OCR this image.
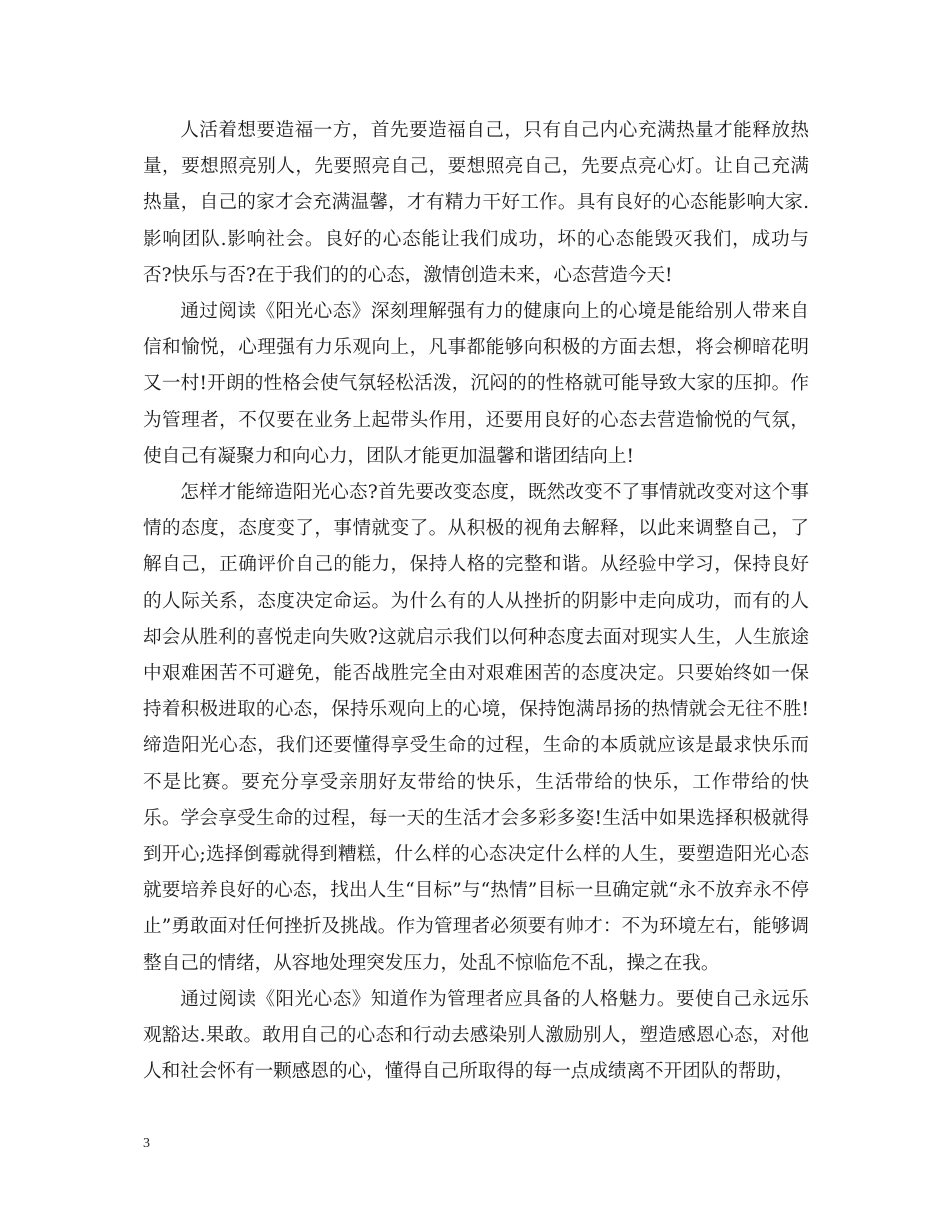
人活着想要造福一方，首先要造福自己，只有自己内心充满热量才能释放热量，要想照亮别人，先要照亮自己，要想照亮自己，先要点亮心灯。让自己充满热量，自己的家才会充满温馨，才有精力干好工作。具有良好的心态能影响大家.影响团队.影响社会。良好的心态能让我们成功，坏的心态能毁灭我们，成功与否?快乐与否?在于我们的的心态，激情创造未来，心态营造今天!

通过阅读《阳光心态》深刻理解强有力的健康向上的心境是能给别人带来自信和愉悦，心理强有力乐观向上，凡事都能够向积极的方面去想，将会柳暗花明又一村!开朗的性格会使气氛轻松活泼，沉闷的的性格就可能导致大家的压抑。作为管理者，不仅要在业务上起带头作用，还要用良好的心态去营造愉悦的气氛，使自己有凝聚力和向心力，团队才能更加温馨和谐团结向上!

怎样才能缔造阳光心态?首先要改变态度，既然改变不了事情就改变对这个事情的态度，态度变了，事情就变了。从积极的视角去解释，以此来调整自己，了解自己，正确评价自己的能力，保持人格的完整和谐。从经验中学习，保持良好的人际关系，态度决定命运。为什么有的人从挫折的阴影中走向成功，而有的人却会从胜利的喜悦走向失败?这就启示我们以何种态度去面对现实人生，人生旅途中艰难困苦不可避免，能否战胜完全由对艰难困苦的态度决定。只要始终如一保持着积极进取的心态，保持乐观向上的心境，保持饱满昂扬的热情就会无往不胜!缔造阳光心态，我们还要懂得享受生命的过程，生命的本质就应该是最求快乐而不是比赛。要充分享受亲朋好友带给的快乐，生活带给的快乐，工作带给的快乐。学会享受生命的过程，每一天的生活才会多彩多姿!生活中如果选择积极就得到开心;选择倒霉就得到糟糕，什么样的心态决定什么样的人生，要塑造阳光心态就要培养良好的心态，找出人生“目标”与“热情”目标一旦确定就“永不放弃永不停止”勇敢面对任何挫折及挑战。作为管理者必须要有帅才：不为环境左右，能够调整自己的情绪，从容地处理突发压力，处乱不惊临危不乱，操之在我。

通过阅读《阳光心态》知道作为管理者应具备的人格魅力。要使自己永远乐观豁达.果敢。敢用自己的心态和行动去感染别人激励别人，塑造感恩心态，对他人和社会怀有一颗感恩的心，懂得自己所取得的每一点成绩离不开团队的帮助，

3
